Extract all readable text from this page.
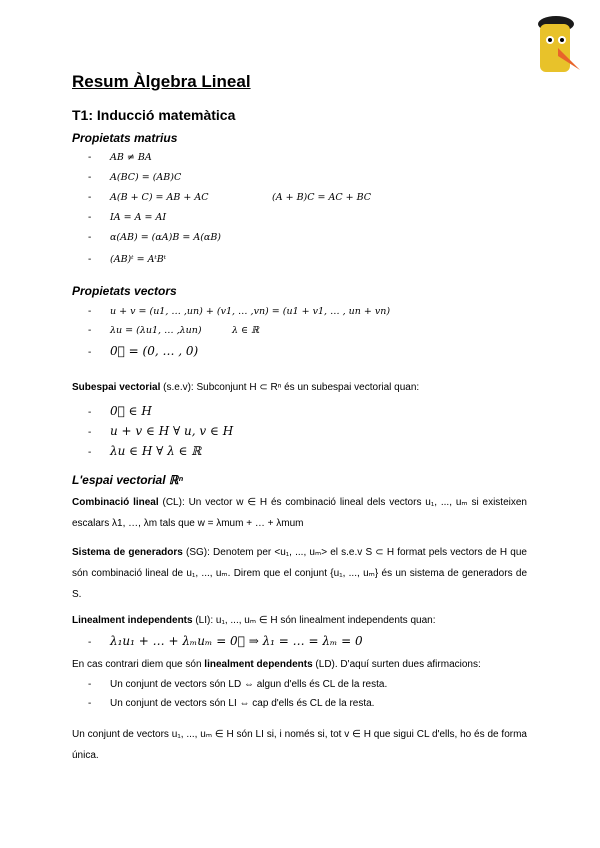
Resum Àlgebra Lineal
T1: Inducció matemàtica
Propietats matrius
- AB ≠ BA
- A(BC) = (AB)C
- A(B + C) = AB + AC	(A + B)C = AC + BC
- IA = A = AI
- α(AB) = (αA)B = A(αB)
- (AB)ᵗ = AᵗBᵗ
Propietats vectors
- u + v = (u1, … ,un) + (v1, … ,vn) = (u1 + v1, … , un + vn)
- λu = (λu1, … ,λun)	λ ∈ ℝ
- 0⃗ = (0, … , 0)

Subespai vectorial (s.e.v): Subconjunt H ⊂ Rⁿ és un subespai vectorial quan:

- 0⃗ ∈ H
- u + v ∈ H ∀ u, v ∈ H
- λu ∈ H ∀ λ ∈ ℝ
L'espai vectorial ℝⁿ

Combinació lineal (CL): Un vector w ∈ H és combinació lineal dels vectors u₁, ..., uₘ si existeixen escalars λ1, …, λm tals que w = λmum + … + λmum

Sistema de generadors (SG): Denotem per <u₁, ..., uₘ> el s.e.v S ⊂ H format pels vectors de H que són combinació lineal de u₁, ..., uₘ. Direm que el conjunt {u₁, ..., uₘ} és un sistema de generadors de S.

Linealment independents (LI): u₁, ..., uₘ ∈ H són linealment independents quan:

- λ₁u₁ + … + λₘuₘ = 0⃗ ⇒ λ₁ = … = λₘ = 0

En cas contrari diem que són linealment dependents (LD). D'aquí surten dues afirmacions:

- Un conjunt de vectors són LD ⇔ algun d'ells és CL de la resta.
- Un conjunt de vectors són LI ⇔ cap d'ells és CL de la resta.

Un conjunt de vectors u₁, ..., uₘ ∈ H són LI si, i només si, tot v ∈ H que sigui CL d'ells, ho és de forma única.
